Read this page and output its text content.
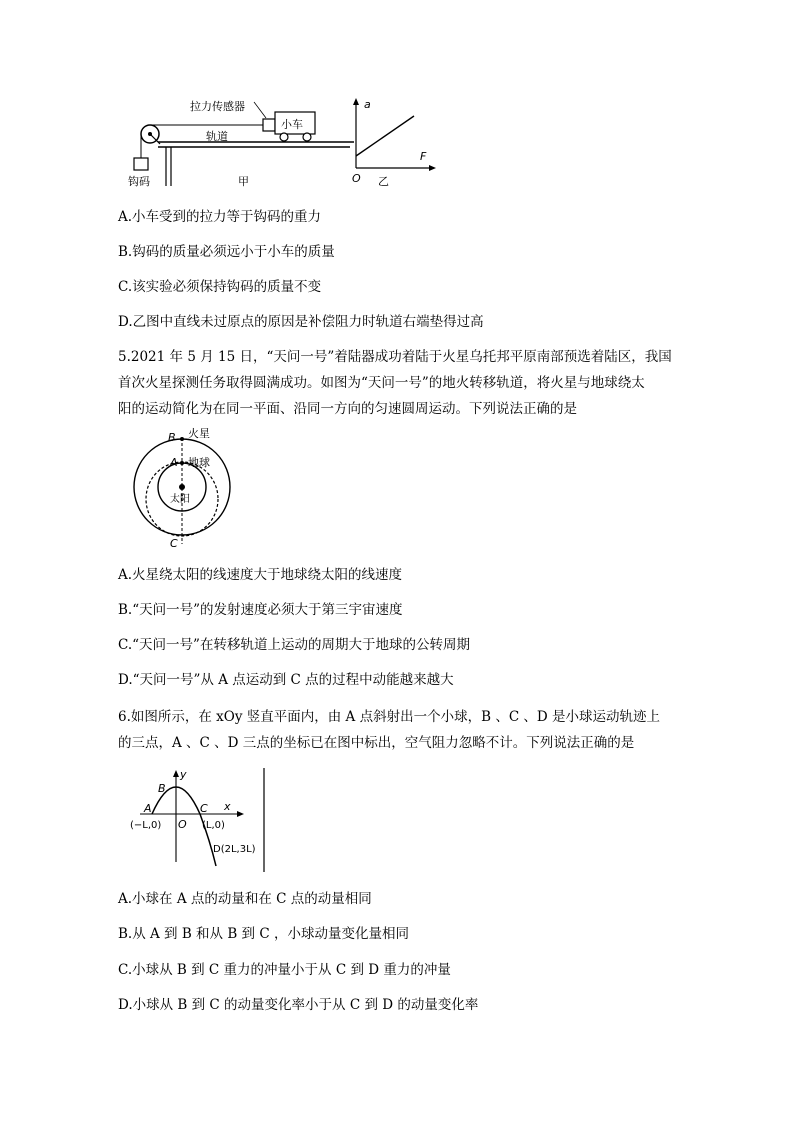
拉力传感器
小车
轨道
钩码	甲
a
F
O 乙
A.小车受到的拉力等于钩码的重力
B.钩码的质量必须远小于小车的质量
C.该实验必须保持钩码的质量不变
D.乙图中直线未过原点的原因是补偿阻力时轨道右端垫得过高
5.2021 年 5 月 15 日，“天问一号”着陆器成功着陆于火星乌托邦平原南部预选着陆区，我国
首次火星探测任务取得圆满成功。如图为“天问一号”的地火转移轨道，将火星与地球绕太
阳的运动简化为在同一平面、沿同一方向的匀速圆周运动。下列说法正确的是
B 火星
A 地球
太阳
C
A.火星绕太阳的线速度大于地球绕太阳的线速度
B.“天问一号”的发射速度必须大于第三宇宙速度
C.“天问一号”在转移轨道上运动的周期大于地球的公转周期
D.“天问一号”从 A 点运动到 C 点的过程中动能越来越大
6.如图所示，在 xOy 竖直平面内，由 A 点斜射出一个小球，B 、C 、D 是小球运动轨迹上
的三点，A 、C 、D 三点的坐标已在图中标出，空气阻力忽略不计。下列说法正确的是
y
B
A	C x
(−L,0) O (L,0)
D(2L,3L)
A.小球在 A 点的动量和在 C 点的动量相同
B.从 A 到 B 和从 B 到 C ，小球动量变化量相同
C.小球从 B 到 C 重力的冲量小于从 C 到 D 重力的冲量
D.小球从 B 到 C 的动量变化率小于从 C 到 D 的动量变化率
